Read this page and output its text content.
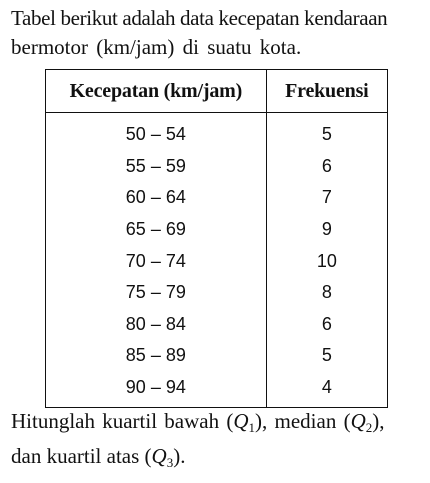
Tabel berikut adalah data kecepatan kendaraan
bermotor (km/jam) di suatu kota.

Kecepatan (km/jam)	Frekuensi
50 – 54	5
55 – 59	6
60 – 64	7
65 – 69	9
70 – 74	10
75 – 79	8
80 – 84	6
85 – 89	5
90 – 94	4

Hitunglah kuartil bawah $(Q_1)$, median $(Q_2)$,
dan kuartil atas $(Q_3)$.
